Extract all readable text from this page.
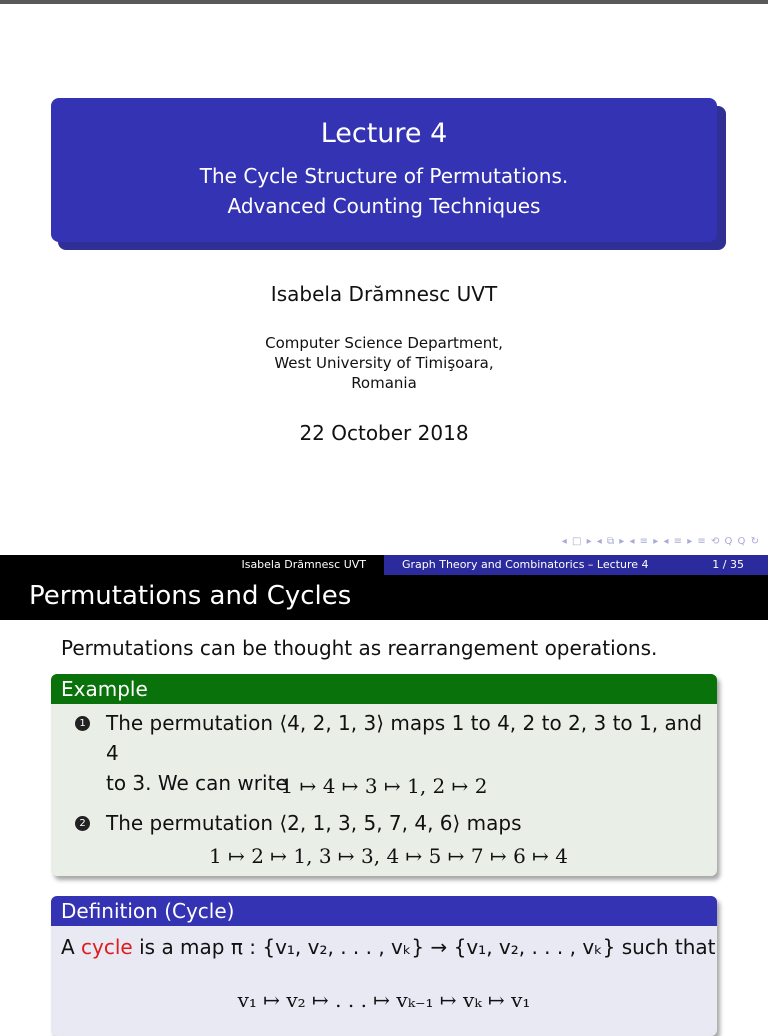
Lecture 4
The Cycle Structure of Permutations.
Advanced Counting Techniques
Isabela Drămnesc UVT
Computer Science Department,
West University of Timişoara,
Romania
22 October 2018
◂ □ ▸ ◂ ⧉ ▸ ◂ ≡ ▸ ◂ ≡ ▸ ≡ ⟲ Q Q ↻
Isabela Drămnesc UVT	Graph Theory and Combinatorics – Lecture 4	1 / 35
Permutations and Cycles
Permutations can be thought as rearrangement operations.
Example
1 The permutation ⟨4, 2, 1, 3⟩ maps 1 to 4, 2 to 2, 3 to 1, and 4
to 3. We can write
1 ↦ 4 ↦ 3 ↦ 1, 2 ↦ 2
2 The permutation ⟨2, 1, 3, 5, 7, 4, 6⟩ maps
1 ↦ 2 ↦ 1, 3 ↦ 3, 4 ↦ 5 ↦ 7 ↦ 6 ↦ 4
Definition (Cycle)
A cycle is a map π : {v₁, v₂, . . . , vₖ} → {v₁, v₂, . . . , vₖ} such that
v₁ ↦ v₂ ↦ . . . ↦ vₖ₋₁ ↦ vₖ ↦ v₁
